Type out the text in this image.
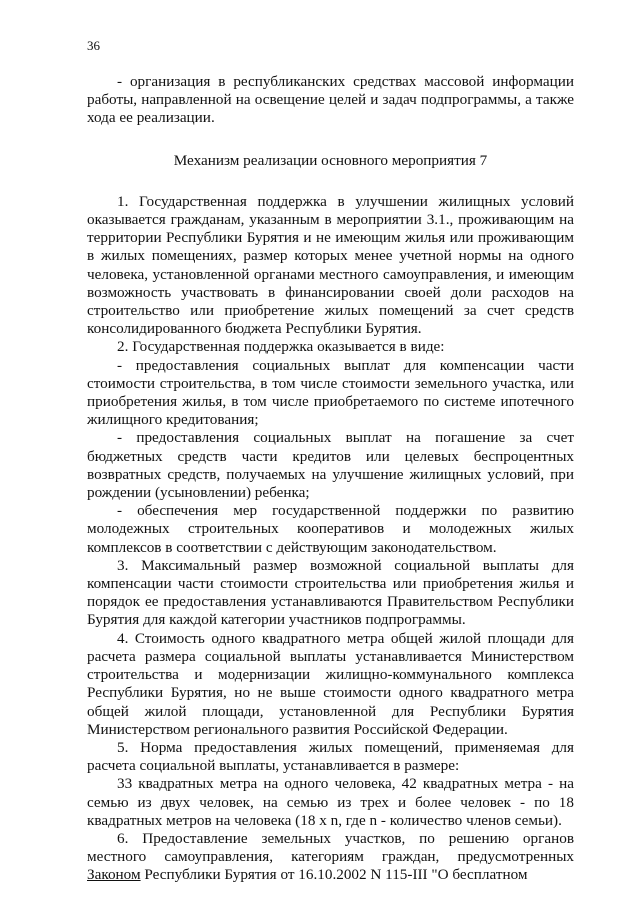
36

- организация в республиканских средствах массовой информации работы, направленной на освещение целей и задач подпрограммы, а также хода ее реализации.

Механизм реализации основного мероприятия 7

1. Государственная поддержка в улучшении жилищных условий оказывается гражданам, указанным в мероприятии 3.1., проживающим на территории Республики Бурятия и не имеющим жилья или проживающим в жилых помещениях, размер которых менее учетной нормы на одного человека, установленной органами местного самоуправления, и имеющим возможность участвовать в финансировании своей доли расходов на строительство или приобретение жилых помещений за счет средств консолидированного бюджета Республики Бурятия.

2. Государственная поддержка оказывается в виде:

- предоставления социальных выплат для компенсации части стоимости строительства, в том числе стоимости земельного участка, или приобретения жилья, в том числе приобретаемого по системе ипотечного жилищного кредитования;

- предоставления социальных выплат на погашение за счет бюджетных средств части кредитов или целевых беспроцентных возвратных средств, получаемых на улучшение жилищных условий, при рождении (усыновлении) ребенка;

- обеспечения мер государственной поддержки по развитию молодежных строительных кооперативов и молодежных жилых комплексов в соответствии с действующим законодательством.

3. Максимальный размер возможной социальной выплаты для компенсации части стоимости строительства или приобретения жилья и порядок ее предоставления устанавливаются Правительством Республики Бурятия для каждой категории участников подпрограммы.

4. Стоимость одного квадратного метра общей жилой площади для расчета размера социальной выплаты устанавливается Министерством строительства и модернизации жилищно-коммунального комплекса Республики Бурятия, но не выше стоимости одного квадратного метра общей жилой площади, установленной для Республики Бурятия Министерством регионального развития Российской Федерации.

5. Норма предоставления жилых помещений, применяемая для расчета социальной выплаты, устанавливается в размере:

33 квадратных метра на одного человека, 42 квадратных метра - на семью из двух человек, на семью из трех и более человек - по 18 квадратных метров на человека (18 x n, где n - количество членов семьи).

6. Предоставление земельных участков, по решению органов местного самоуправления, категориям граждан, предусмотренных Законом Республики Бурятия от 16.10.2002 N 115-III "О бесплатном
